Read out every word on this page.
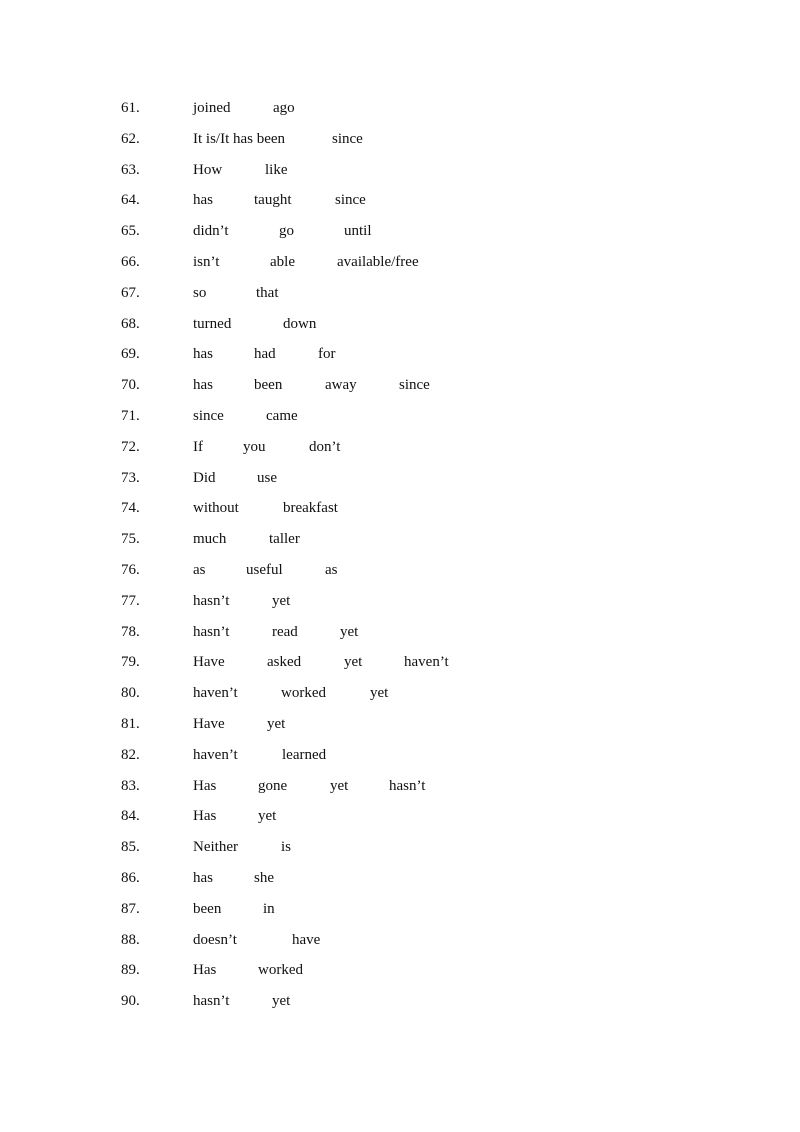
61.	joined	ago
62.	It is/It has been	since
63.	How	like
64.	has	taught	since
65.	didn’t	go	until
66.	isn’t	able	available/free
67.	so	that
68.	turned	down
69.	has	had	for
70.	has	been	away	since
71.	since	came
72.	If	you	don’t
73.	Did	use
74.	without	breakfast
75.	much	taller
76.	as	useful	as
77.	hasn’t	yet
78.	hasn’t	read	yet
79.	Have	asked	yet	haven’t
80.	haven’t	worked	yet
81.	Have	yet
82.	haven’t	learned
83.	Has	gone	yet	hasn’t
84.	Has	yet
85.	Neither	is
86.	has	she
87.	been	in
88.	doesn’t	have
89.	Has	worked
90.	hasn’t	yet
